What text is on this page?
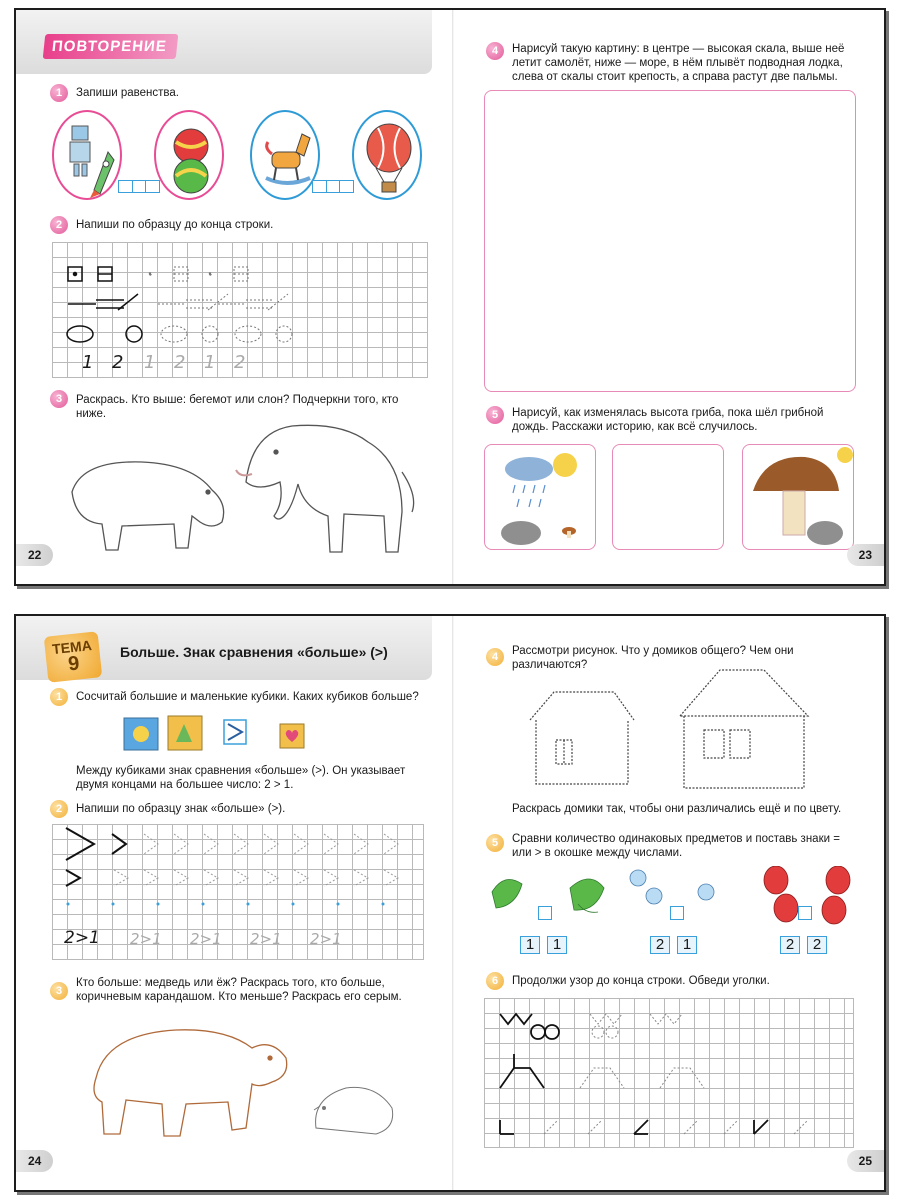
ПОВТОРЕНИЕ
1	Запиши равенства.
2	Напиши по образцу до конца строки.
1 2 1 2 1 2
3	Раскрась. Кто выше: бегемот или слон? Подчеркни того, кто ниже.
22
4	Нарисуй такую картину: в центре — высокая скала, выше неё летит самолёт, ниже — море, в нём плывёт подводная лодка, слева от скалы стоит крепость, а справа растут две пальмы.
5	Нарисуй, как изменялась высота гриба, пока шёл грибной дождь. Расскажи историю, как всё случилось.
23
ТЕМА
9
Больше. Знак сравнения «больше» (>)
1	Сосчитай большие и маленькие кубики. Каких кубиков больше?
Между кубиками знак сравнения «больше» (>). Он указывает двумя концами на большее число: 2 > 1.
2	Напиши по образцу знак «больше» (>).
2>1 2>1 2>1 2>1 2>1
3
Кто больше: медведь или ёж? Раскрась того, кто больше, коричневым карандашом. Кто меньше? Раскрась его серым.
24
4	Рассмотри рисунок. Что у домиков общего? Чем они различаются?
Раскрась домики так, чтобы они различались ещё и по цвету.
5	Сравни количество одинаковых предметов и поставь знаки = или > в окошке между числами.
1	1	2	1	2	2
6	Продолжи узор до конца строки. Обведи уголки.
25
